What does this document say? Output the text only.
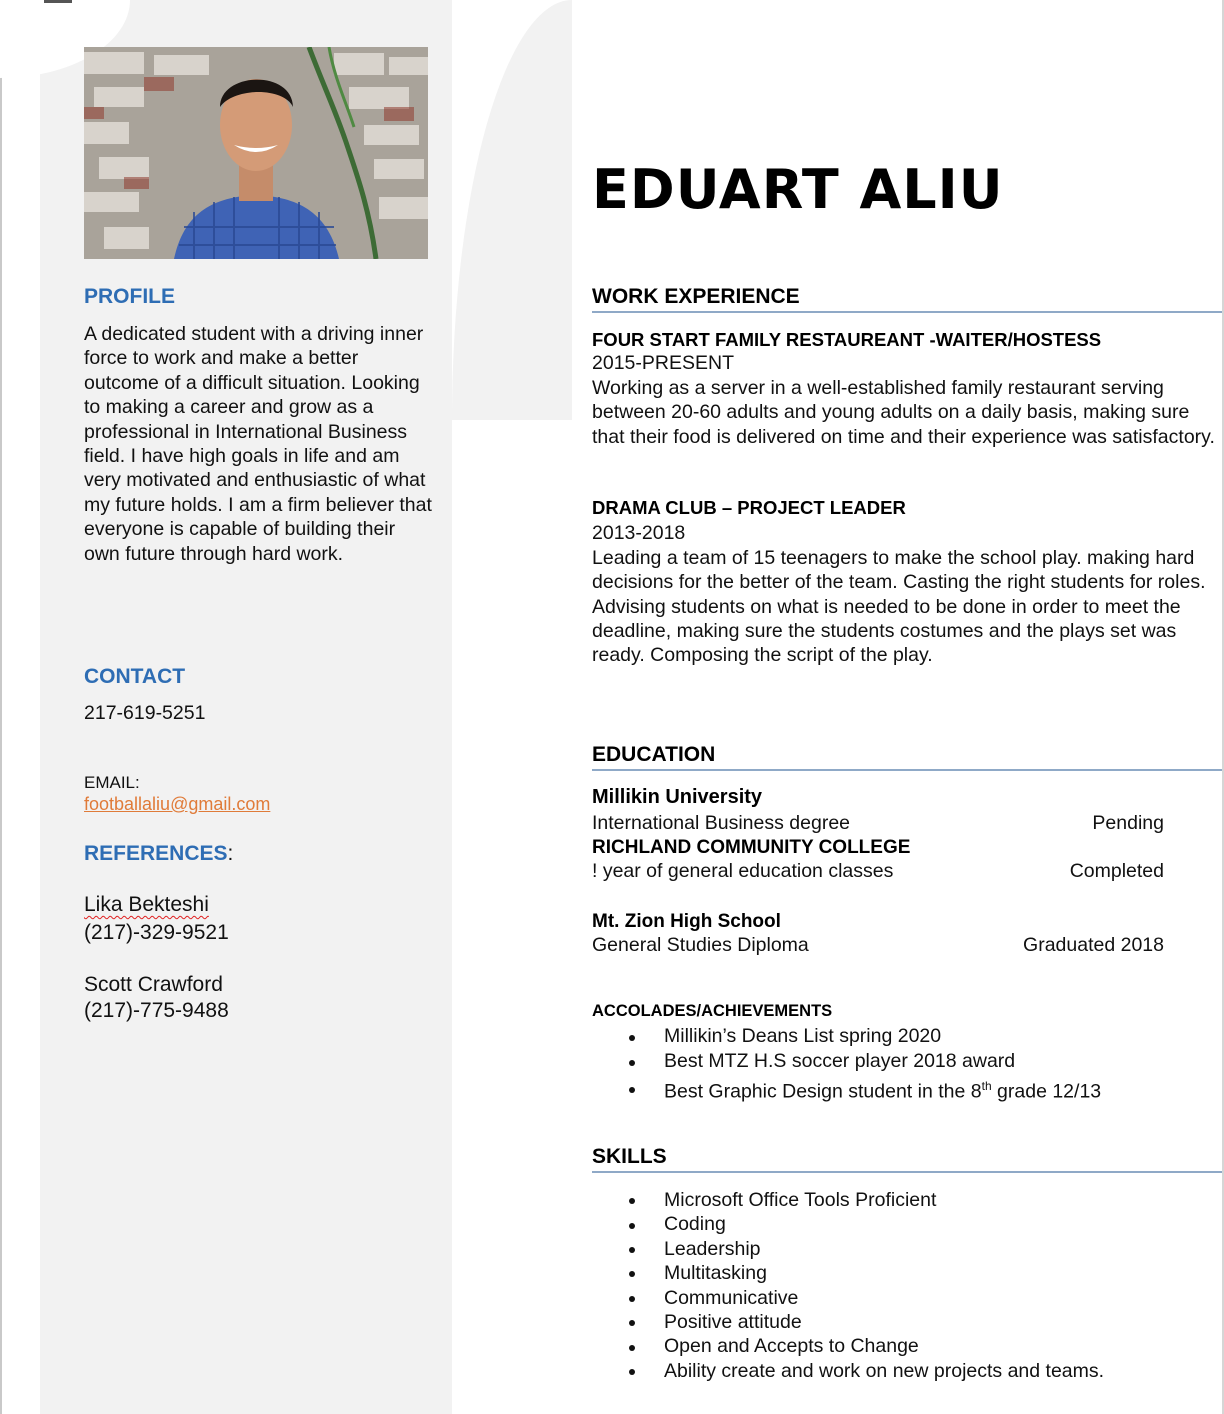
PROFILE
A dedicated student with a driving inner force to work and make a better outcome of a difficult situation. Looking to making a career and grow as a professional in International Business field. I have high goals in life and am very motivated and enthusiastic of what my future holds. I am a firm believer that everyone is capable of building their own future through hard work.
CONTACT
217-619-5251
EMAIL:
footballaliu@gmail.com
REFERENCES:
Lika Bekteshi
(217)-329-9521
Scott Crawford
(217)-775-9488
EDUART ALIU
WORK EXPERIENCE
FOUR START FAMILY RESTAUREANT -WAITER/HOSTESS
2015-PRESENT
Working as a server in a well-established family restaurant serving between 20-60 adults and young adults on a daily basis, making sure that their food is delivered on time and their experience was satisfactory.
DRAMA CLUB – PROJECT LEADER
2013-2018
Leading a team of 15 teenagers to make the school play. making hard decisions for the better of the team. Casting the right students for roles. Advising students on what is needed to be done in order to meet the deadline, making sure the students costumes and the plays set was ready. Composing the script of the play.
EDUCATION
Millikin University
International Business degree	Pending
RICHLAND COMMUNITY COLLEGE
! year of general education classes	Completed
Mt. Zion High School
General Studies Diploma	Graduated 2018
ACCOLADES/ACHIEVEMENTS
Millikin’s Deans List spring 2020
Best MTZ H.S soccer player 2018 award
Best Graphic Design student in the 8th grade 12/13
SKILLS
Microsoft Office Tools Proficient
Coding
Leadership
Multitasking
Communicative
Positive attitude
Open and Accepts to Change
Ability create and work on new projects and teams.
